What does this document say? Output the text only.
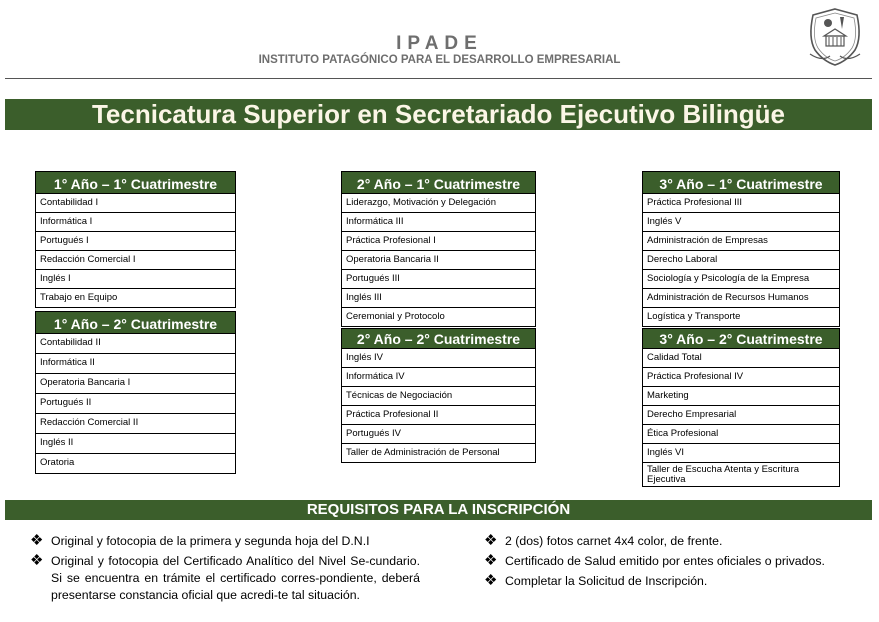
IPADE
INSTITUTO PATAGÓNICO PARA EL DESARROLLO EMPRESARIAL
Tecnicatura Superior en Secretariado Ejecutivo Bilingüe
1° Año – 1° Cuatrimestre
Contabilidad I
Informática I
Portugués I
Redacción Comercial I
Inglés I
Trabajo en Equipo
1° Año – 2° Cuatrimestre
Contabilidad II
Informática II
Operatoria Bancaria I
Portugués II
Redacción Comercial II
Inglés II
Oratoria
2° Año – 1° Cuatrimestre
Liderazgo, Motivación y Delegación
Informática III
Práctica Profesional I
Operatoria Bancaria II
Portugués III
Inglés III
Ceremonial y Protocolo
2° Año – 2° Cuatrimestre
Inglés IV
Informática IV
Técnicas de Negociación
Práctica Profesional II
Portugués IV
Taller de Administración de Personal
3° Año – 1° Cuatrimestre
Práctica Profesional III
Inglés V
Administración de Empresas
Derecho Laboral
Sociología y Psicología de la Empresa
Administración de Recursos Humanos
Logística y Transporte
3° Año – 2° Cuatrimestre
Calidad Total
Práctica Profesional IV
Marketing
Derecho Empresarial
Ética Profesional
Inglés VI
Taller de Escucha Atenta y Escritura Ejecutiva
REQUISITOS PARA LA INSCRIPCIÓN
❖ Original y fotocopia de la primera y segunda hoja del D.N.I
❖ Original y fotocopia del Certificado Analítico del Nivel Se-cundario. Si se encuentra en trámite el certificado corres-pondiente, deberá presentarse constancia oficial que acredi-te tal situación.
❖ 2 (dos) fotos carnet 4x4 color, de frente.
❖ Certificado de Salud emitido por entes oficiales o privados.
❖ Completar la Solicitud de Inscripción.
